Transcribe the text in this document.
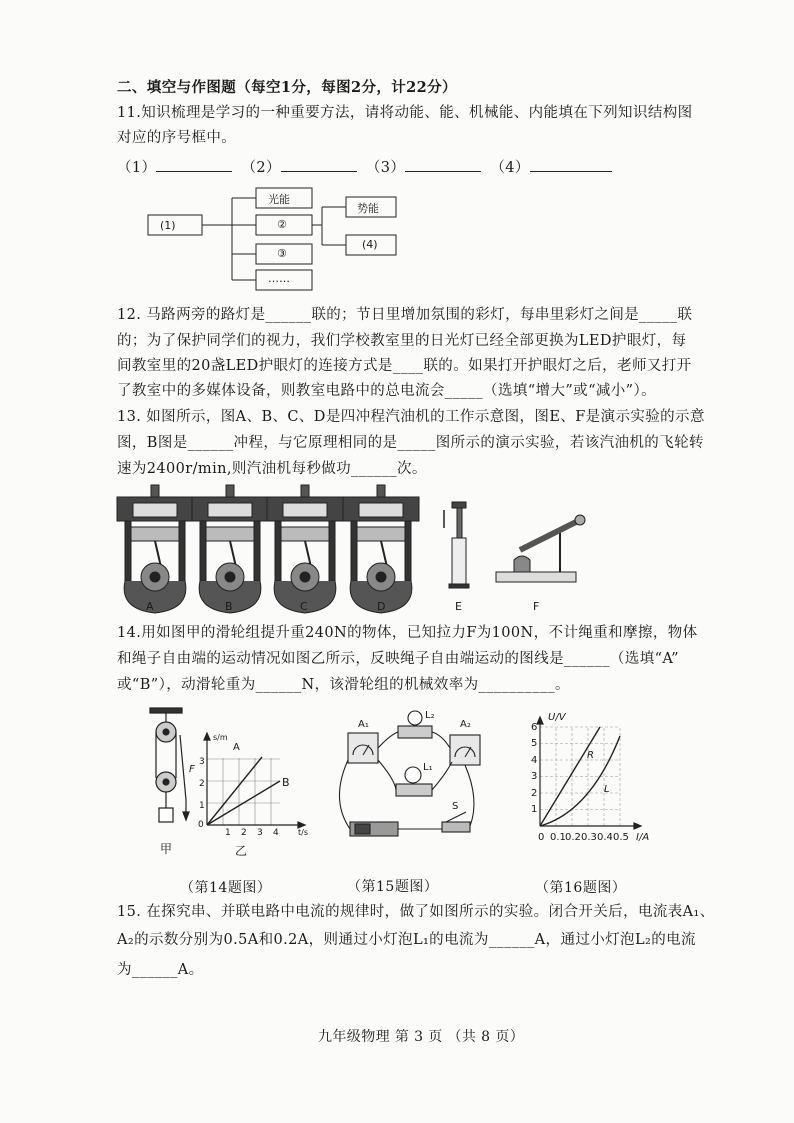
二、填空与作图题（每空1分，每图2分，计22分）
11.知识梳理是学习的一种重要方法，请将动能、能、机械能、内能填在下列知识结构图
对应的序号框中。
（1）	（2）	（3）	（4）
(1)
光能
②
③
……
势能
(4)
12. 马路两旁的路灯是______联的；节日里增加氛围的彩灯，每串里彩灯之间是_____联
的；为了保护同学们的视力，我们学校教室里的日光灯已经全部更换为LED护眼灯，每
间教室里的20盏LED护眼灯的连接方式是____联的。如果打开护眼灯之后，老师又打开
了教室中的多媒体设备，则教室电路中的总电流会_____（选填“增大”或“减小”）。
13. 如图所示，图A、B、C、D是四冲程汽油机的工作示意图，图E、F是演示实验的示意
图，B图是______冲程，与它原理相同的是_____图所示的演示实验，若该汽油机的飞轮转
速为2400r/min,则汽油机每秒做功______次。
A	B	C	D	E	F
14.用如图甲的滑轮组提升重240N的物体，已知拉力F为100N，不计绳重和摩擦，物体
和绳子自由端的运动情况如图乙所示，反映绳子自由端运动的图线是______（选填“A”
或“B”），动滑轮重为______N，该滑轮组的机械效率为__________。
F
甲
s/m
t/s
1
2
3
0
1 2 3 4
A
B
乙
A₁	A₂
L₂
L₁
S
U/V
I/A
1
2
3
4
5
6
0 0.1 0.2 0.3 0.4 0.5
R
L
（第14题图）	（第15题图）	（第16题图）
15. 在探究串、并联电路中电流的规律时，做了如图所示的实验。闭合开关后，电流表A₁、
A₂的示数分别为0.5A和0.2A，则通过小灯泡L₁的电流为______A，通过小灯泡L₂的电流
为______A。
九年级物理 第 3 页 （共 8 页）
